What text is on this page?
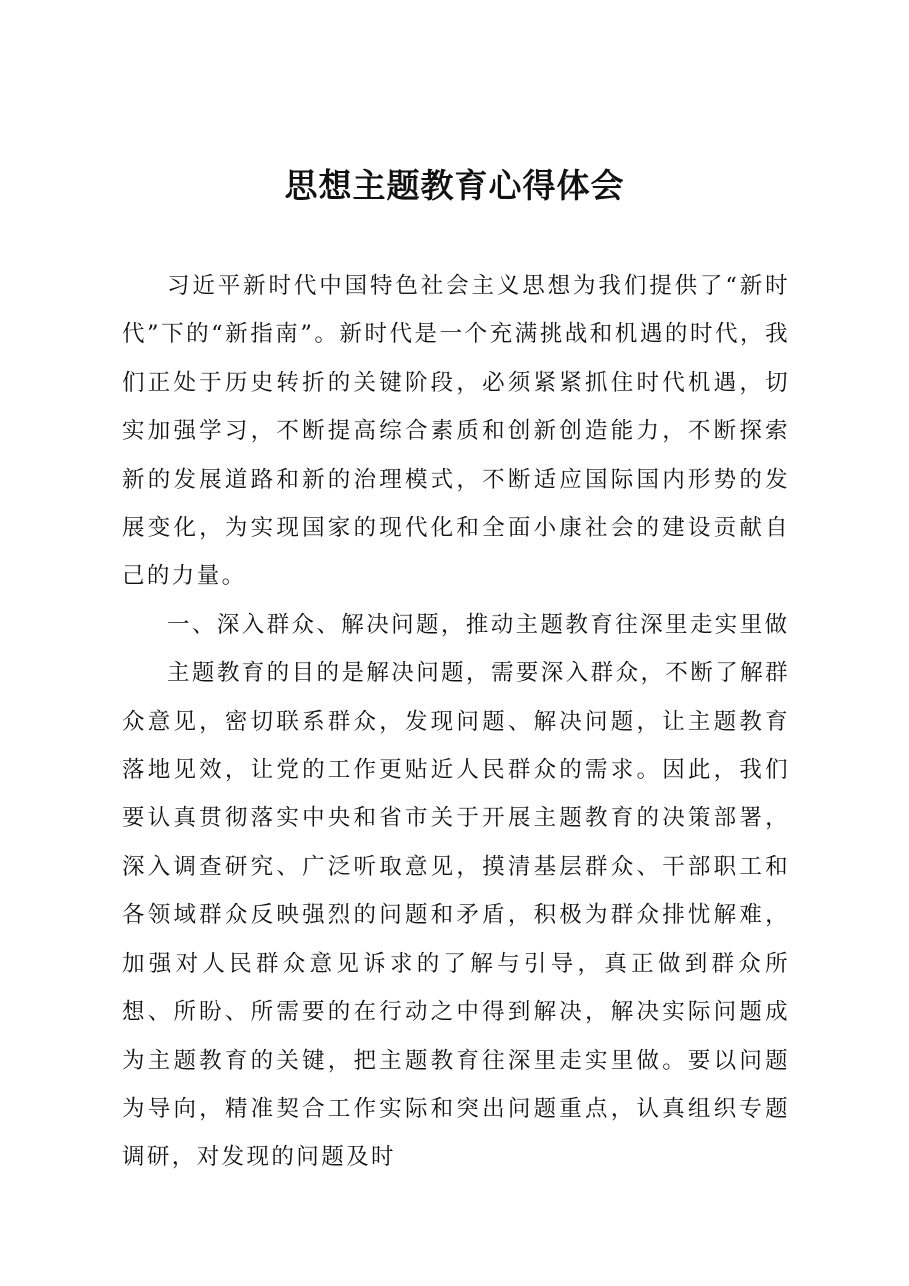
思想主题教育心得体会

习近平新时代中国特色社会主义思想为我们提供了“新时代”下的“新指南”。新时代是一个充满挑战和机遇的时代，我们正处于历史转折的关键阶段，必须紧紧抓住时代机遇，切实加强学习，不断提高综合素质和创新创造能力，不断探索新的发展道路和新的治理模式，不断适应国际国内形势的发展变化，为实现国家的现代化和全面小康社会的建设贡献自己的力量。

一、深入群众、解决问题，推动主题教育往深里走实里做

主题教育的目的是解决问题，需要深入群众，不断了解群众意见，密切联系群众，发现问题、解决问题，让主题教育落地见效，让党的工作更贴近人民群众的需求。因此，我们要认真贯彻落实中央和省市关于开展主题教育的决策部署，深入调查研究、广泛听取意见，摸清基层群众、干部职工和各领域群众反映强烈的问题和矛盾，积极为群众排忧解难，加强对人民群众意见诉求的了解与引导，真正做到群众所想、所盼、所需要的在行动之中得到解决，解决实际问题成为主题教育的关键，把主题教育往深里走实里做。要以问题为导向，精准契合工作实际和突出问题重点，认真组织专题调研，对发现的问题及时
